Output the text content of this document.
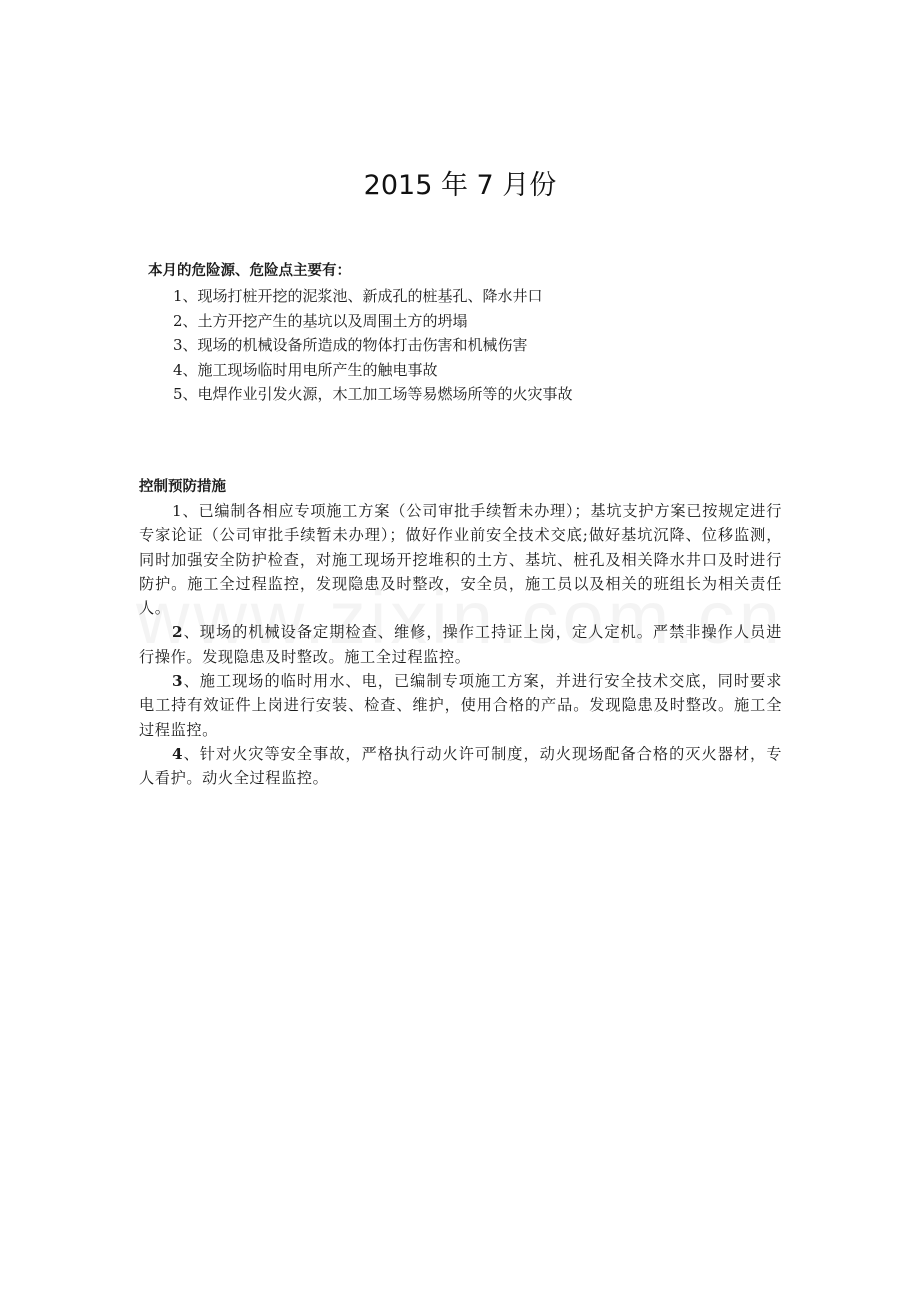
2015 年 7 月份

本月的危险源、危险点主要有：

1、现场打桩开挖的泥浆池、新成孔的桩基孔、降水井口
2、土方开挖产生的基坑以及周围土方的坍塌
3、现场的机械设备所造成的物体打击伤害和机械伤害
4、施工现场临时用电所产生的触电事故
5、电焊作业引发火源，木工加工场等易燃场所等的火灾事故

控制预防措施

1、已编制各相应专项施工方案（公司审批手续暂未办理）；基坑支护方案已按规定进行专家论证（公司审批手续暂未办理）；做好作业前安全技术交底;做好基坑沉降、位移监测，同时加强安全防护检查，对施工现场开挖堆积的土方、基坑、桩孔及相关降水井口及时进行防护。施工全过程监控，发现隐患及时整改，安全员，施工员以及相关的班组长为相关责任人。

2、现场的机械设备定期检查、维修，操作工持证上岗，定人定机。严禁非操作人员进行操作。发现隐患及时整改。施工全过程监控。

3、施工现场的临时用水、电，已编制专项施工方案，并进行安全技术交底，同时要求电工持有效证件上岗进行安装、检查、维护，使用合格的产品。发现隐患及时整改。施工全过程监控。

4、针对火灾等安全事故，严格执行动火许可制度，动火现场配备合格的灭火器材，专人看护。动火全过程监控。
